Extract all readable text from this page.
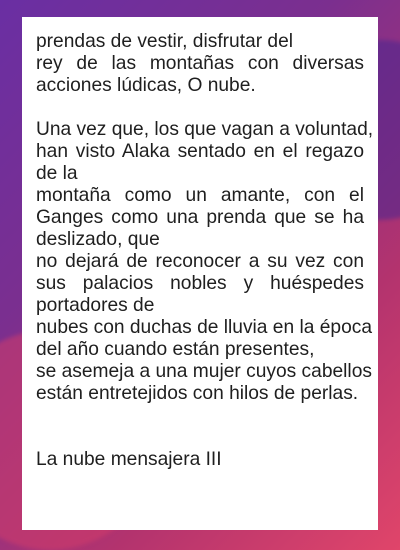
prendas de vestir, disfrutar del
rey de las montañas con diversas
acciones lúdicas, O nube.

Una vez que, los que vagan a voluntad,
han visto Alaka sentado en el regazo
de la
montaña como un amante, con el
Ganges como una prenda que se ha
deslizado, que
no dejará de reconocer a su vez con
sus palacios nobles y huéspedes
portadores de
nubes con duchas de lluvia en la época
del año cuando están presentes,
se asemeja a una mujer cuyos cabellos
están entretejidos con hilos de perlas.

La nube mensajera III
